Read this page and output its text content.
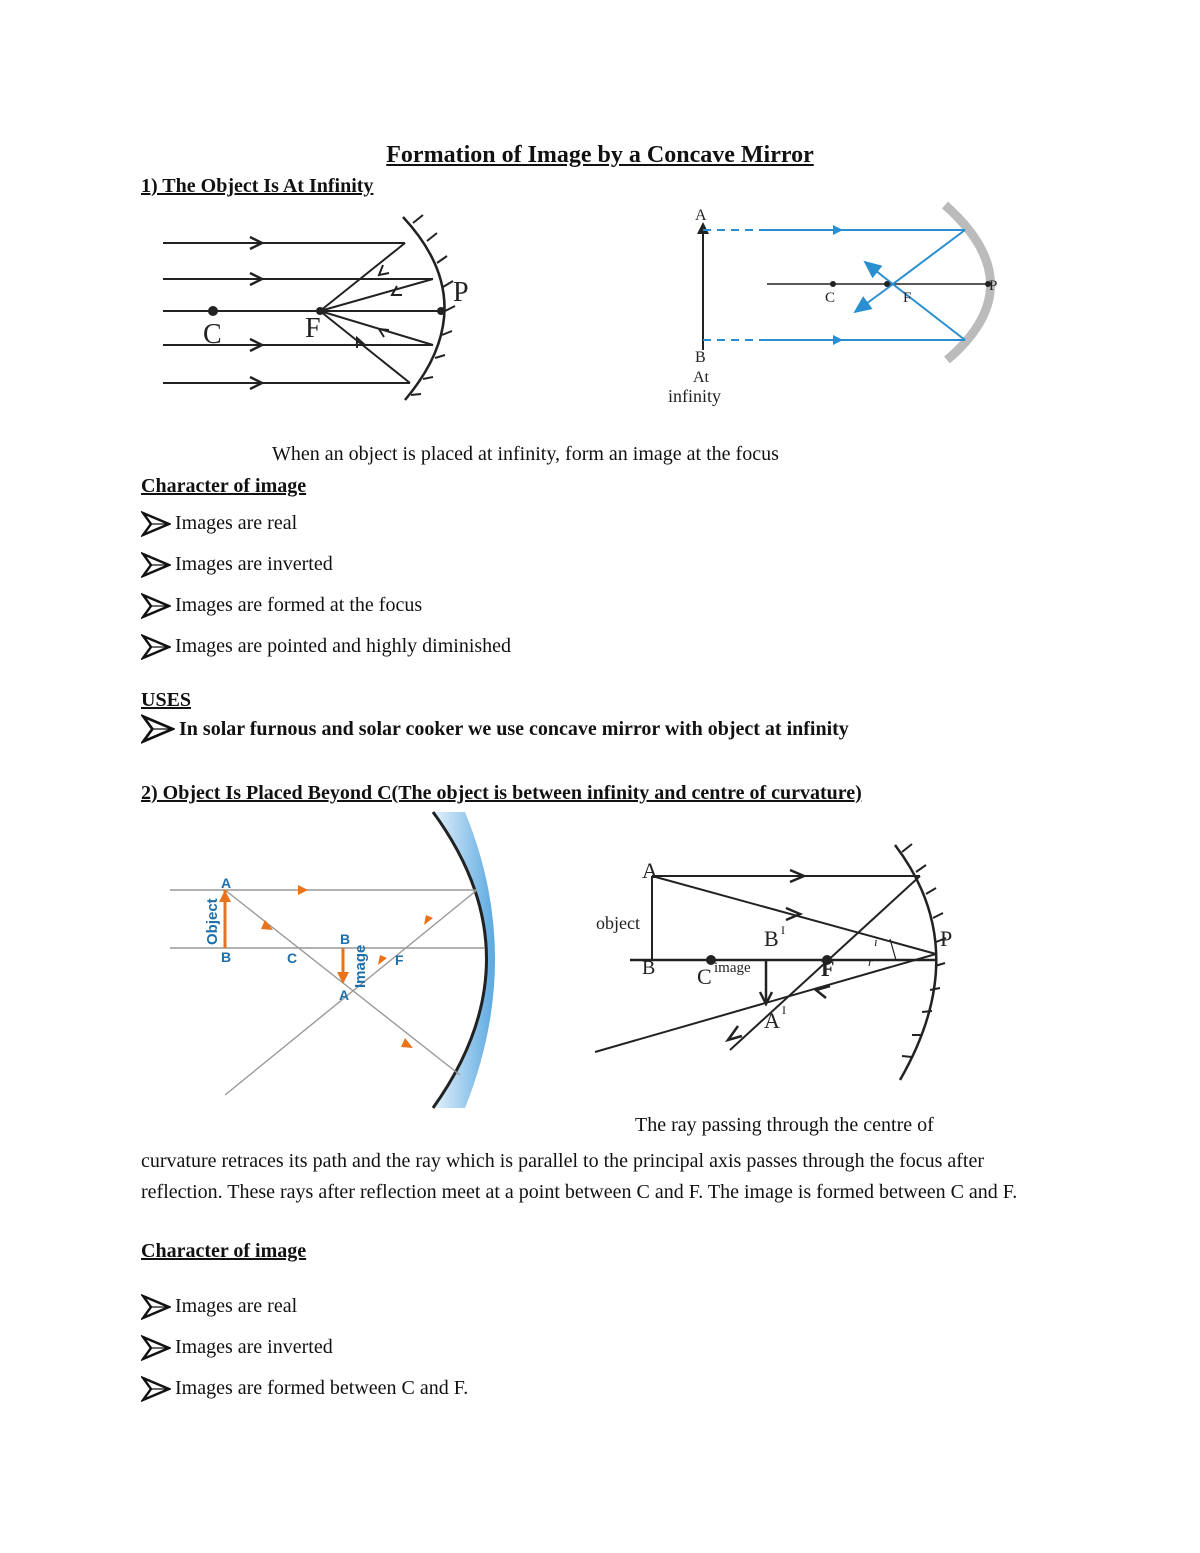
Formation of Image by a Concave Mirror
1) The Object Is At Infinity
C	F
P
A
B
At
infinity
C	F
P
When an object is placed at infinity, form an image at the focus
Character of image
Images are real
Images are inverted
Images are formed at the focus
Images are pointed and highly diminished
USES
In solar furnous and solar cooker we use concave mirror with object at infinity
2) Object Is Placed Beyond C(The object is between infinity and centre of curvature)
A
B
Object
C
B
Image
A
F
A
object
B C image
B I
F
A I
P
i
r
The ray passing through the centre of
curvature retraces its path and the ray which is parallel to the principal axis passes through the focus after reflection. These rays after reflection meet at a point between C and F. The image is formed between C and F.
Character of image
Images are real
Images are inverted
Images are formed between C and F.
